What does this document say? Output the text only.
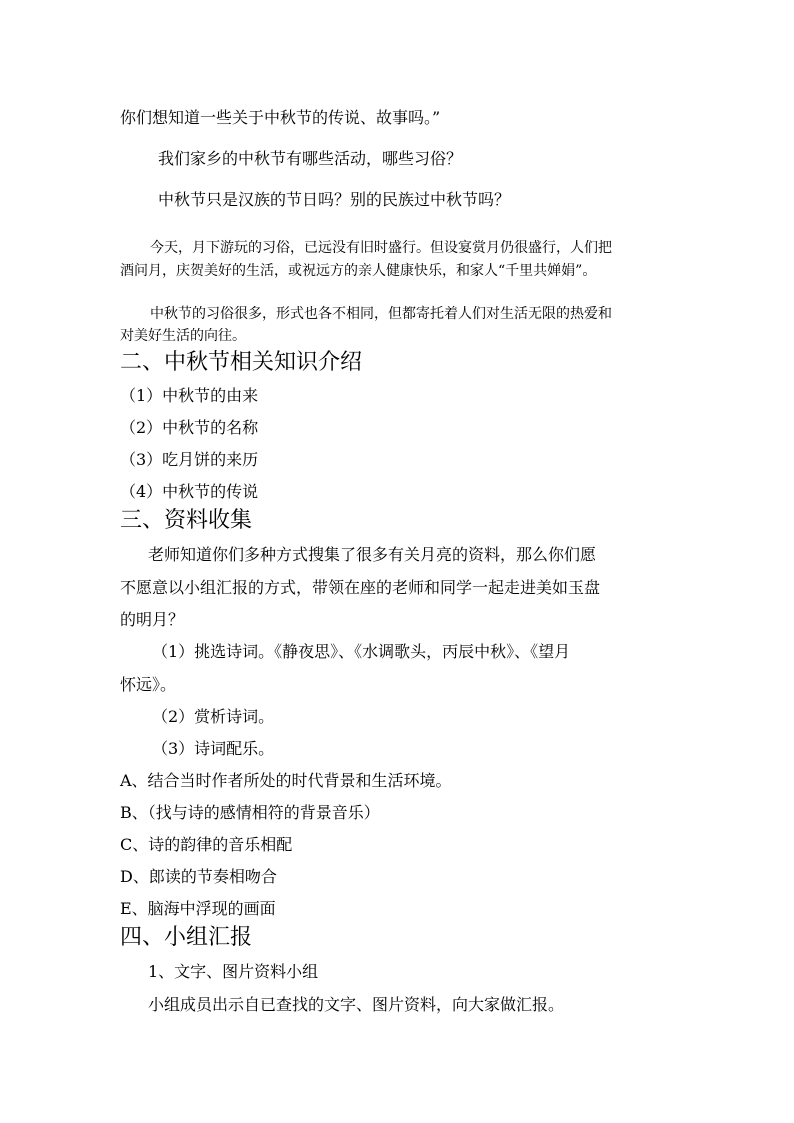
你们想知道一些关于中秋节的传说、故事吗。”

我们家乡的中秋节有哪些活动，哪些习俗？

中秋节只是汉族的节日吗？别的民族过中秋节吗？

今天，月下游玩的习俗，已远没有旧时盛行。但设宴赏月仍很盛行，人们把

酒问月，庆贺美好的生活，或祝远方的亲人健康快乐，和家人“千里共婵娟”。

中秋节的习俗很多，形式也各不相同，但都寄托着人们对生活无限的热爱和

对美好生活的向往。

二、中秋节相关知识介绍

（1）中秋节的由来

（2）中秋节的名称

（3）吃月饼的来历

（4）中秋节的传说

三、资料收集

老师知道你们多种方式搜集了很多有关月亮的资料，那么你们愿

不愿意以小组汇报的方式，带领在座的老师和同学一起走进美如玉盘

的明月？

（1）挑选诗词。《静夜思》、《水调歌头，丙辰中秋》、《望月

怀远》。

（2）赏析诗词。

（3）诗词配乐。

A、结合当时作者所处的时代背景和生活环境。

B、（找与诗的感情相符的背景音乐）

C、诗的韵律的音乐相配

D、郎读的节奏相吻合

E、脑海中浮现的画面

四、小组汇报

1、文字、图片资料小组

小组成员出示自已查找的文字、图片资料，向大家做汇报。
